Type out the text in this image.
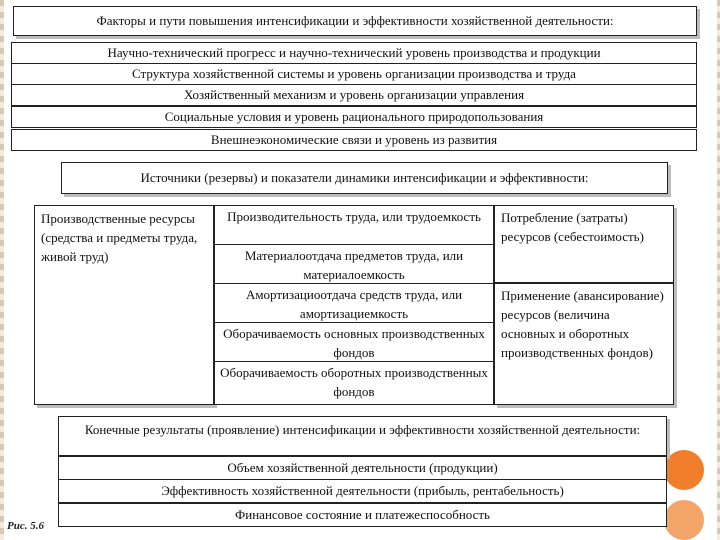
Факторы и пути повышения интенсификации и эффективности хозяйственной деятельности:
Научно-технический прогресс и научно-технический уровень производства и продукции
Структура хозяйственной системы и уровень организации производства и труда
Хозяйственный механизм и уровень организации управления
Социальные условия и уровень рационального природопользования
Внешнеэкономические связи и уровень из развития
Источники (резервы) и показатели динамики интенсификации и эффективности:
Производственные ресурсы (средства и предметы труда, живой труд)
Производительность труда, или трудоемкость
Материалоотдача предметов труда, или материалоемкость
Амортизациоотдача средств труда, или амортизациемкость
Оборачиваемость основных производственных фондов
Оборачиваемость оборотных производственных фондов
Потребление (затраты) ресурсов (себестоимость)
Применение (авансирование) ресурсов (величина основных и оборотных производственных фондов)
Конечные результаты (проявление) интенсификации и эффективности хозяйственной деятельности:
Объем хозяйственной деятельности (продукции)
Эффективность хозяйственной деятельности (прибыль, рентабельность)
Финансовое состояние и платежеспособность
Рис. 5.6
